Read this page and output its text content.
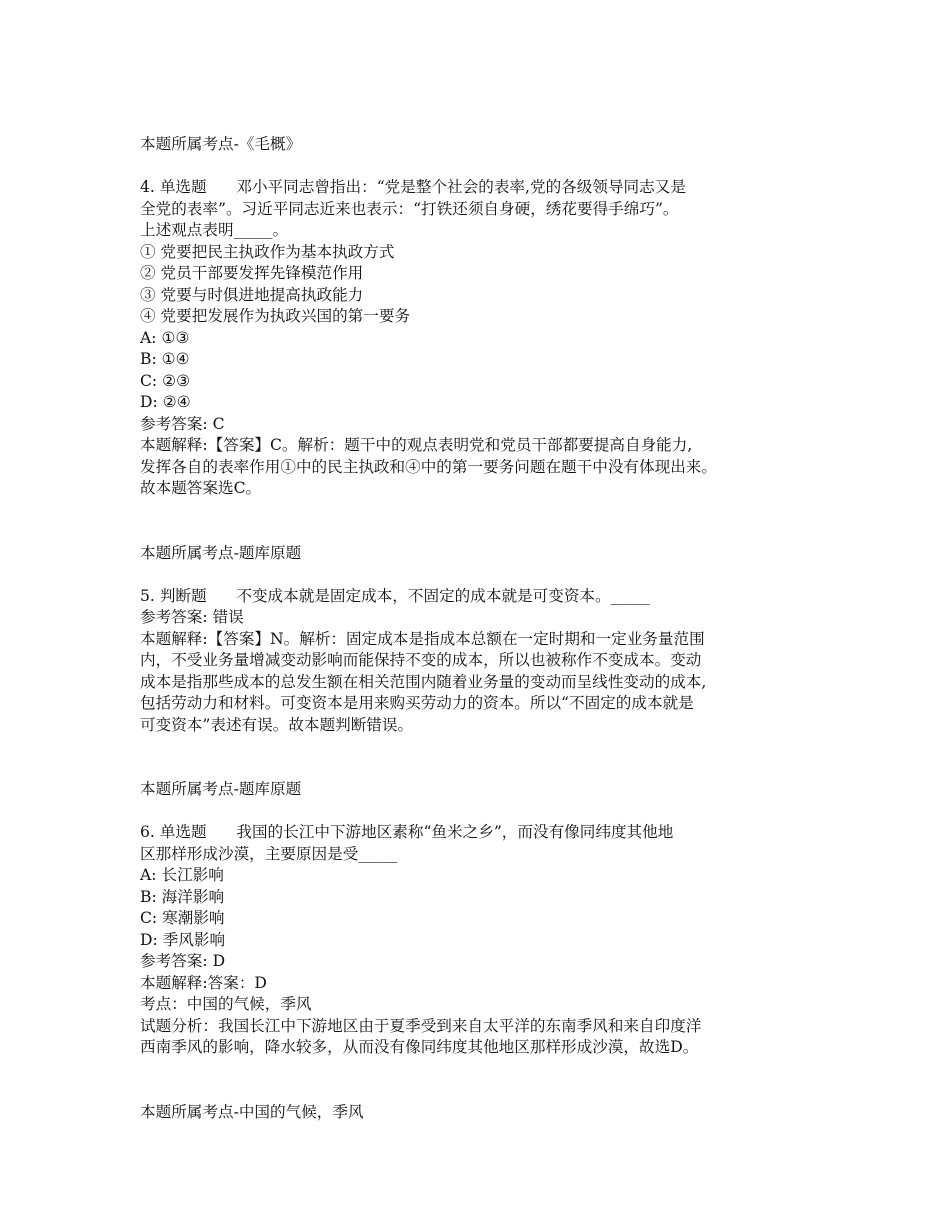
本题所属考点-《毛概》
4. 单选题      邓小平同志曾指出：“党是整个社会的表率,党的各级领导同志又是
全党的表率”。习近平同志近来也表示：“打铁还须自身硬，绣花要得手绵巧”。
上述观点表明_____。
① 党要把民主执政作为基本执政方式
② 党员干部要发挥先锋模范作用
③ 党要与时俱进地提高执政能力
④ 党要把发展作为执政兴国的第一要务
A: ①③
B: ①④
C: ②③
D: ②④
参考答案: C
本题解释:【答案】C。解析：题干中的观点表明党和党员干部都要提高自身能力,
发挥各自的表率作用①中的民主执政和④中的第一要务问题在题干中没有体现出来。
故本题答案选C。
本题所属考点-题库原题
5. 判断题      不变成本就是固定成本，不固定的成本就是可变资本。_____
参考答案: 错误
本题解释:【答案】N。解析：固定成本是指成本总额在一定时期和一定业务量范围
内，不受业务量增减变动影响而能保持不变的成本，所以也被称作不变成本。变动
成本是指那些成本的总发生额在相关范围内随着业务量的变动而呈线性变动的成本,
包括劳动力和材料。可变资本是用来购买劳动力的资本。所以“不固定的成本就是
可变资本”表述有误。故本题判断错误。
本题所属考点-题库原题
6. 单选题      我国的长江中下游地区素称“鱼米之乡”，而没有像同纬度其他地
区那样形成沙漠，主要原因是受_____
A: 长江影响
B: 海洋影响
C: 寒潮影响
D: 季风影响
参考答案: D
本题解释:答案：D
考点：中国的气候，季风
试题分析：我国长江中下游地区由于夏季受到来自太平洋的东南季风和来自印度洋
西南季风的影响，降水较多，从而没有像同纬度其他地区那样形成沙漠，故选D。
本题所属考点-中国的气候，季风
